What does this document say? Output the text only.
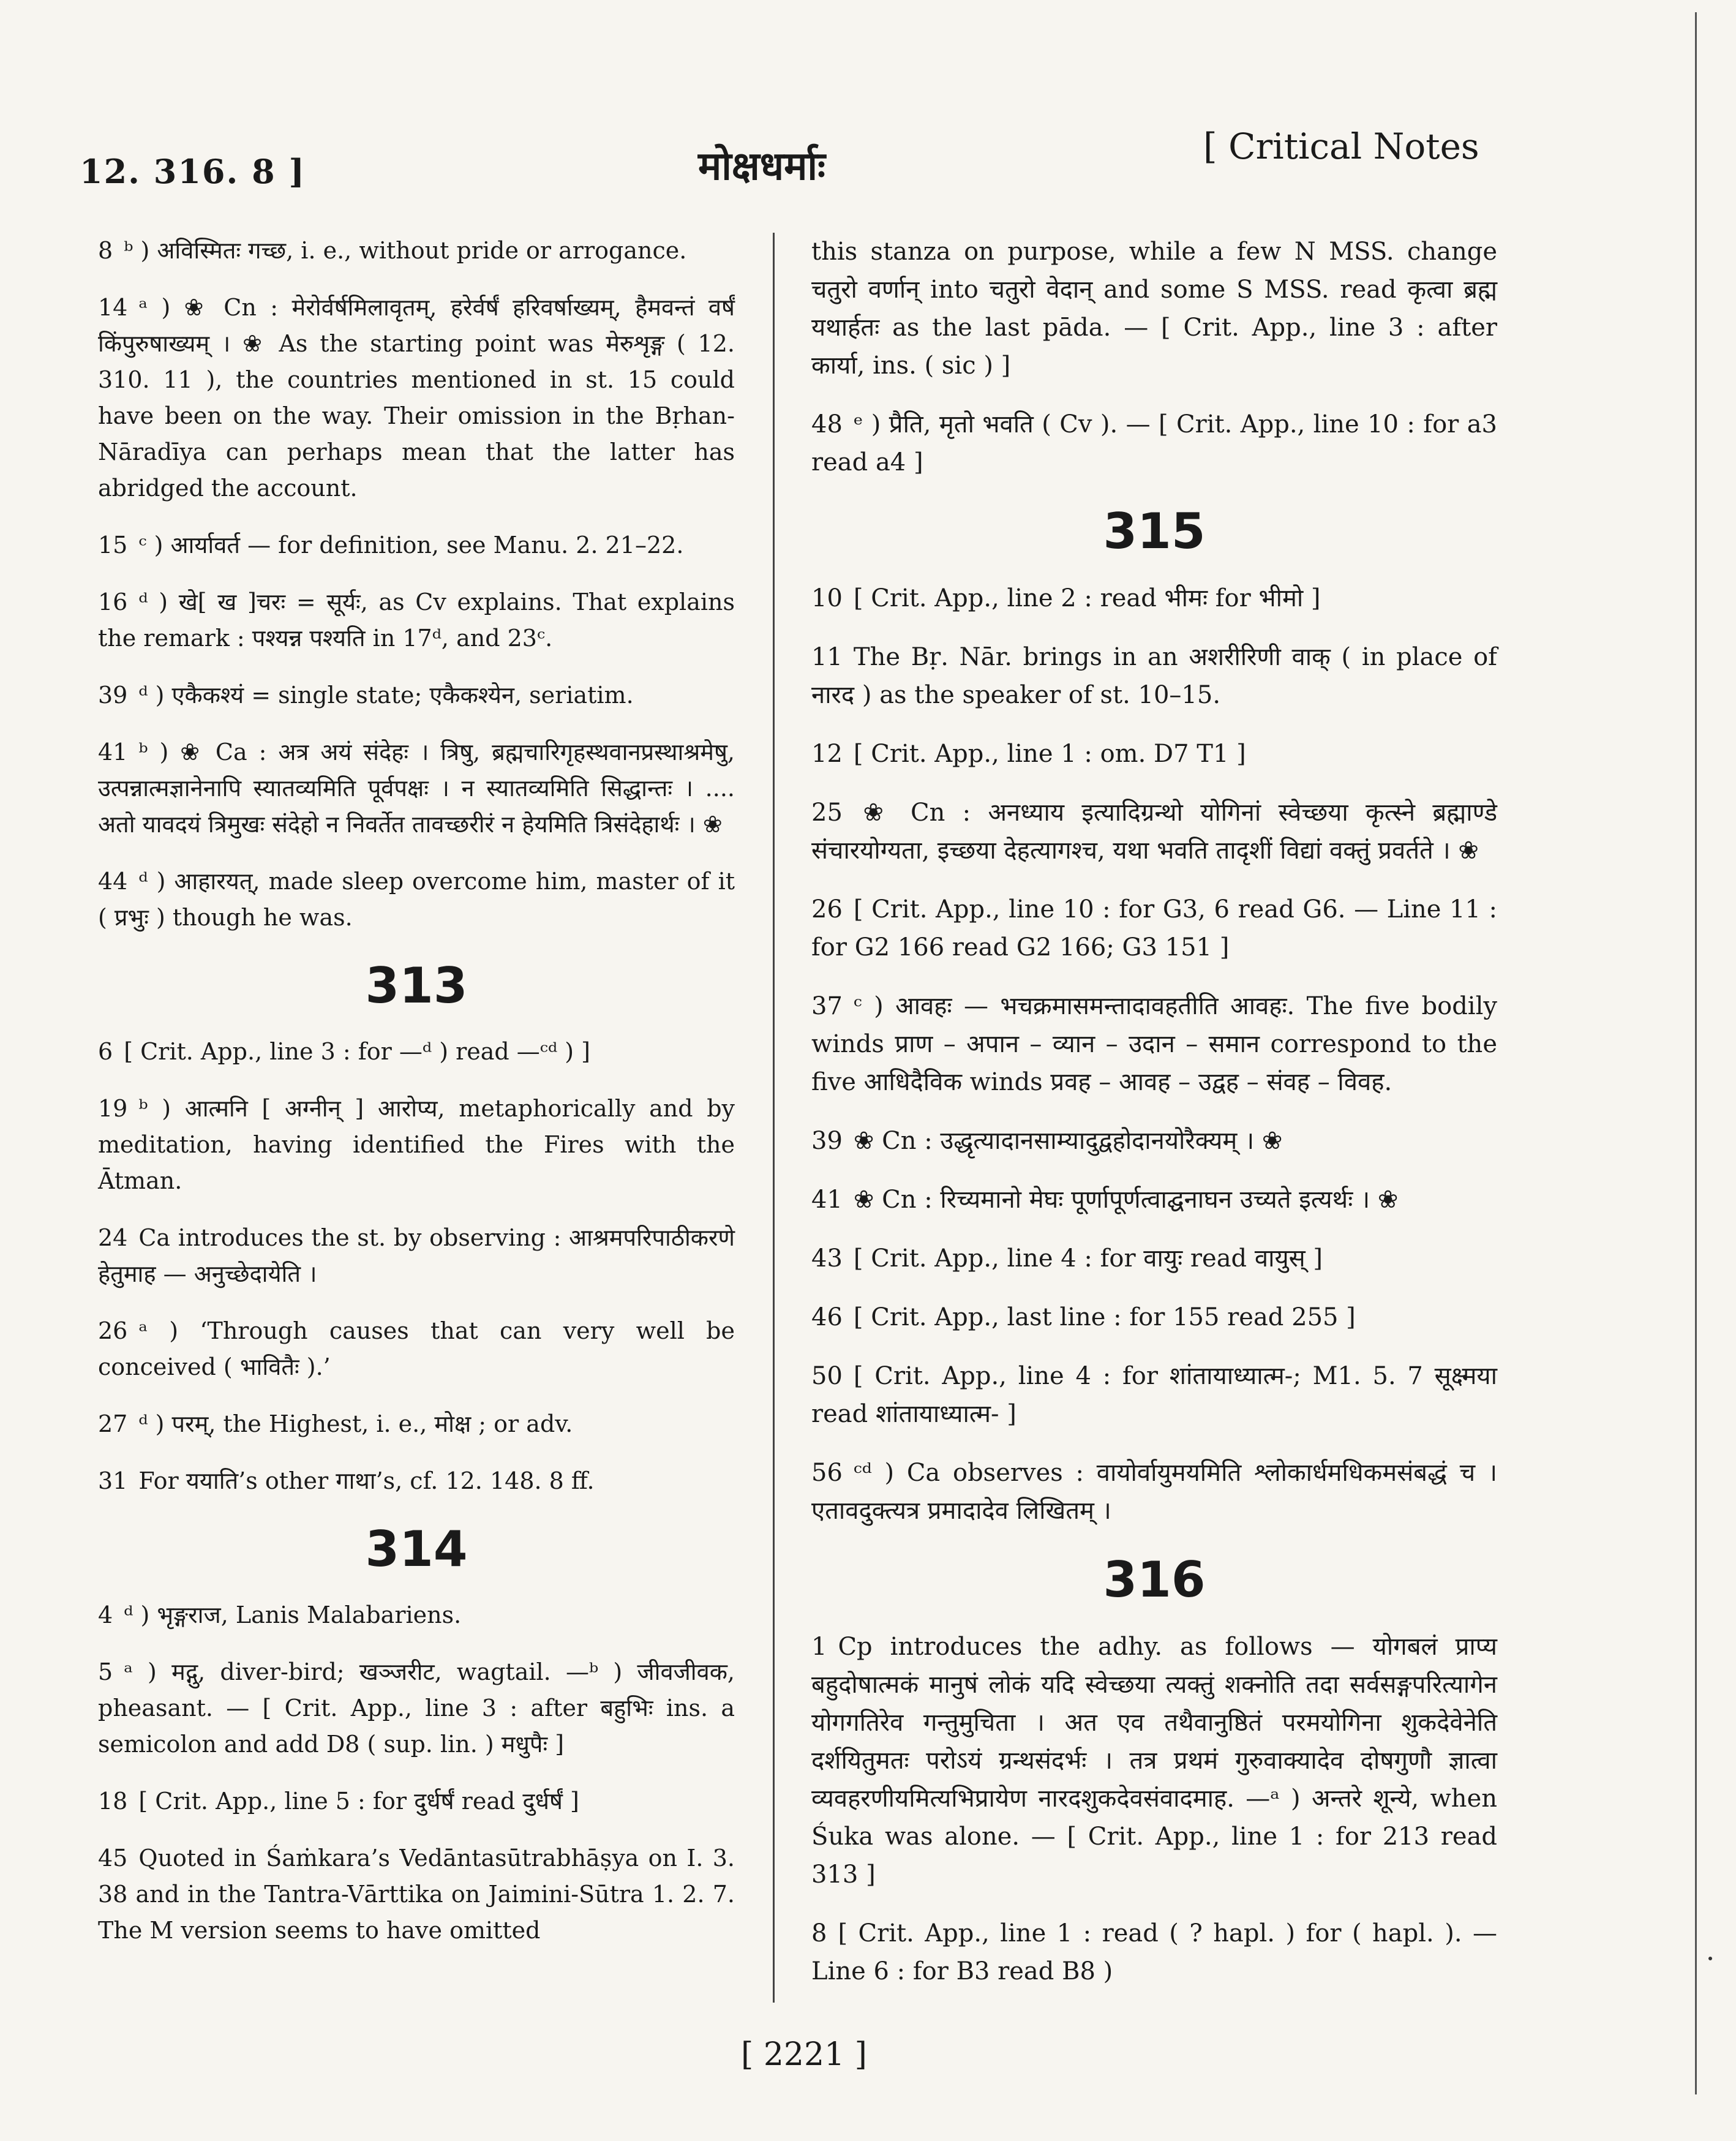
12. 316. 8 ]	मोक्षधर्माः	[ Critical Notes
8 ᵇ ) अविस्मितः गच्छ, i. e., without pride or arrogance.
14 ᵃ ) ❀ Cn : मेरोर्वर्षमिलावृतम्, हरेर्वर्षं हरिवर्षाख्यम्, हैमवन्तं वर्षं किंपुरुषाख्यम् । ❀ As the starting point was मेरुशृङ्ग ( 12. 310. 11 ), the countries mentioned in st. 15 could have been on the way. Their omission in the Bṛhan-Nāradīya can perhaps mean that the latter has abridged the account.
15 ᶜ ) आर्यावर्त — for definition, see Manu. 2. 21–22.
16 ᵈ ) खे[ ख ]चरः = सूर्यः, as Cv explains. That explains the remark : पश्यन्न पश्यति in 17ᵈ, and 23ᶜ.
39 ᵈ ) एकैकश्यं = single state; एकैकश्येन, seriatim.
41 ᵇ ) ❀ Ca : अत्र अयं संदेहः । त्रिषु, ब्रह्मचारिगृहस्थवानप्रस्थाश्रमेषु, उत्पन्नात्मज्ञानेनापि स्यातव्यमिति पूर्वपक्षः । न स्यातव्यमिति सिद्धान्तः । .... अतो यावदयं त्रिमुखः संदेहो न निवर्तेत तावच्छरीरं न हेयमिति त्रिसंदेहार्थः । ❀
44 ᵈ ) आहारयत्, made sleep overcome him, master of it ( प्रभुः ) though he was.
313
6 [ Crit. App., line 3 : for —ᵈ ) read —ᶜᵈ ) ]
19 ᵇ ) आत्मनि [ अग्नीन् ] आरोप्य, metaphorically and by meditation, having identified the Fires with the Ātman.
24 Ca introduces the st. by observing : आश्रमपरिपाठीकरणे हेतुमाह — अनुच्छेदायेति ।
26 ᵃ ) ‘Through causes that can very well be conceived ( भावितैः ).’
27 ᵈ ) परम्, the Highest, i. e., मोक्ष ; or adv.
31 For ययाति’s other गाथा’s, cf. 12. 148. 8 ff.
314
4 ᵈ ) भृङ्गराज, Lanis Malabariens.
5 ᵃ ) मद्गु, diver-bird; खञ्जरीट, wagtail. —ᵇ ) जीवजीवक, pheasant. — [ Crit. App., line 3 : after बहुभिः ins. a semicolon and add D8 ( sup. lin. ) मधुपैः ]
18 [ Crit. App., line 5 : for दुर्धर्षं read दुर्धर्षं ]
45 Quoted in Śaṁkara’s Vedāntasūtrabhāṣya on I. 3. 38 and in the Tantra-Vārttika on Jaimini-Sūtra 1. 2. 7. The M version seems to have omitted
this stanza on purpose, while a few N MSS. change चतुरो वर्णान् into चतुरो वेदान् and some S MSS. read कृत्वा ब्रह्म यथार्हतः as the last pāda. — [ Crit. App., line 3 : after कार्या, ins. ( sic ) ]
48 ᵉ ) प्रैति, मृतो भवति ( Cv ). — [ Crit. App., line 10 : for a3 read a4 ]
315
10 [ Crit. App., line 2 : read भीमः for भीमो ]
11 The Bṛ. Nār. brings in an अशरीरिणी वाक् ( in place of नारद ) as the speaker of st. 10–15.
12 [ Crit. App., line 1 : om. D7 T1 ]
25 ❀ Cn : अनध्याय इत्यादिग्रन्थो योगिनां स्वेच्छया कृत्स्ने ब्रह्माण्डे संचारयोग्यता, इच्छया देहत्यागश्च, यथा भवति तादृशीं विद्यां वक्तुं प्रवर्तते । ❀
26 [ Crit. App., line 10 : for G3, 6 read G6. — Line 11 : for G2 166 read G2 166; G3 151 ]
37 ᶜ ) आवहः — भचक्रमासमन्तादावहतीति आवहः. The five bodily winds प्राण – अपान – व्यान – उदान – समान correspond to the five आधिदैविक winds प्रवह – आवह – उद्वह – संवह – विवह.
39 ❀ Cn : उद्धृत्यादानसाम्यादुद्वहोदानयोरैक्यम् । ❀
41 ❀ Cn : रिच्यमानो मेघः पूर्णापूर्णत्वाद्घनाघन उच्यते इत्यर्थः । ❀
43 [ Crit. App., line 4 : for वायुः read वायुस् ]
46 [ Crit. App., last line : for 155 read 255 ]
50 [ Crit. App., line 4 : for शांतायाध्यात्म-; M1. 5. 7 सूक्ष्मया read शांतायाध्यात्म- ]
56 ᶜᵈ ) Ca observes : वायोर्वायुमयमिति श्लोकार्धमधिकमसंबद्धं च । एतावदुक्त्यत्र प्रमादादेव लिखितम् ।
316
1 Cp introduces the adhy. as follows — योगबलं प्राप्य बहुदोषात्मकं मानुषं लोकं यदि स्वेच्छया त्यक्तुं शक्नोति तदा सर्वसङ्गपरित्यागेन योगगतिरेव गन्तुमुचिता । अत एव तथैवानुष्ठितं परमयोगिना शुकदेवेनेति दर्शयितुमतः परोऽयं ग्रन्थसंदर्भः । तत्र प्रथमं गुरुवाक्यादेव दोषगुणौ ज्ञात्वा व्यवहरणीयमित्यभिप्रायेण नारदशुकदेवसंवादमाह. —ᵃ ) अन्तरे शून्ये, when Śuka was alone. — [ Crit. App., line 1 : for 213 read 313 ]
8 [ Crit. App., line 1 : read ( ? hapl. ) for ( hapl. ). — Line 6 : for B3 read B8 )
[ 2221 ]
